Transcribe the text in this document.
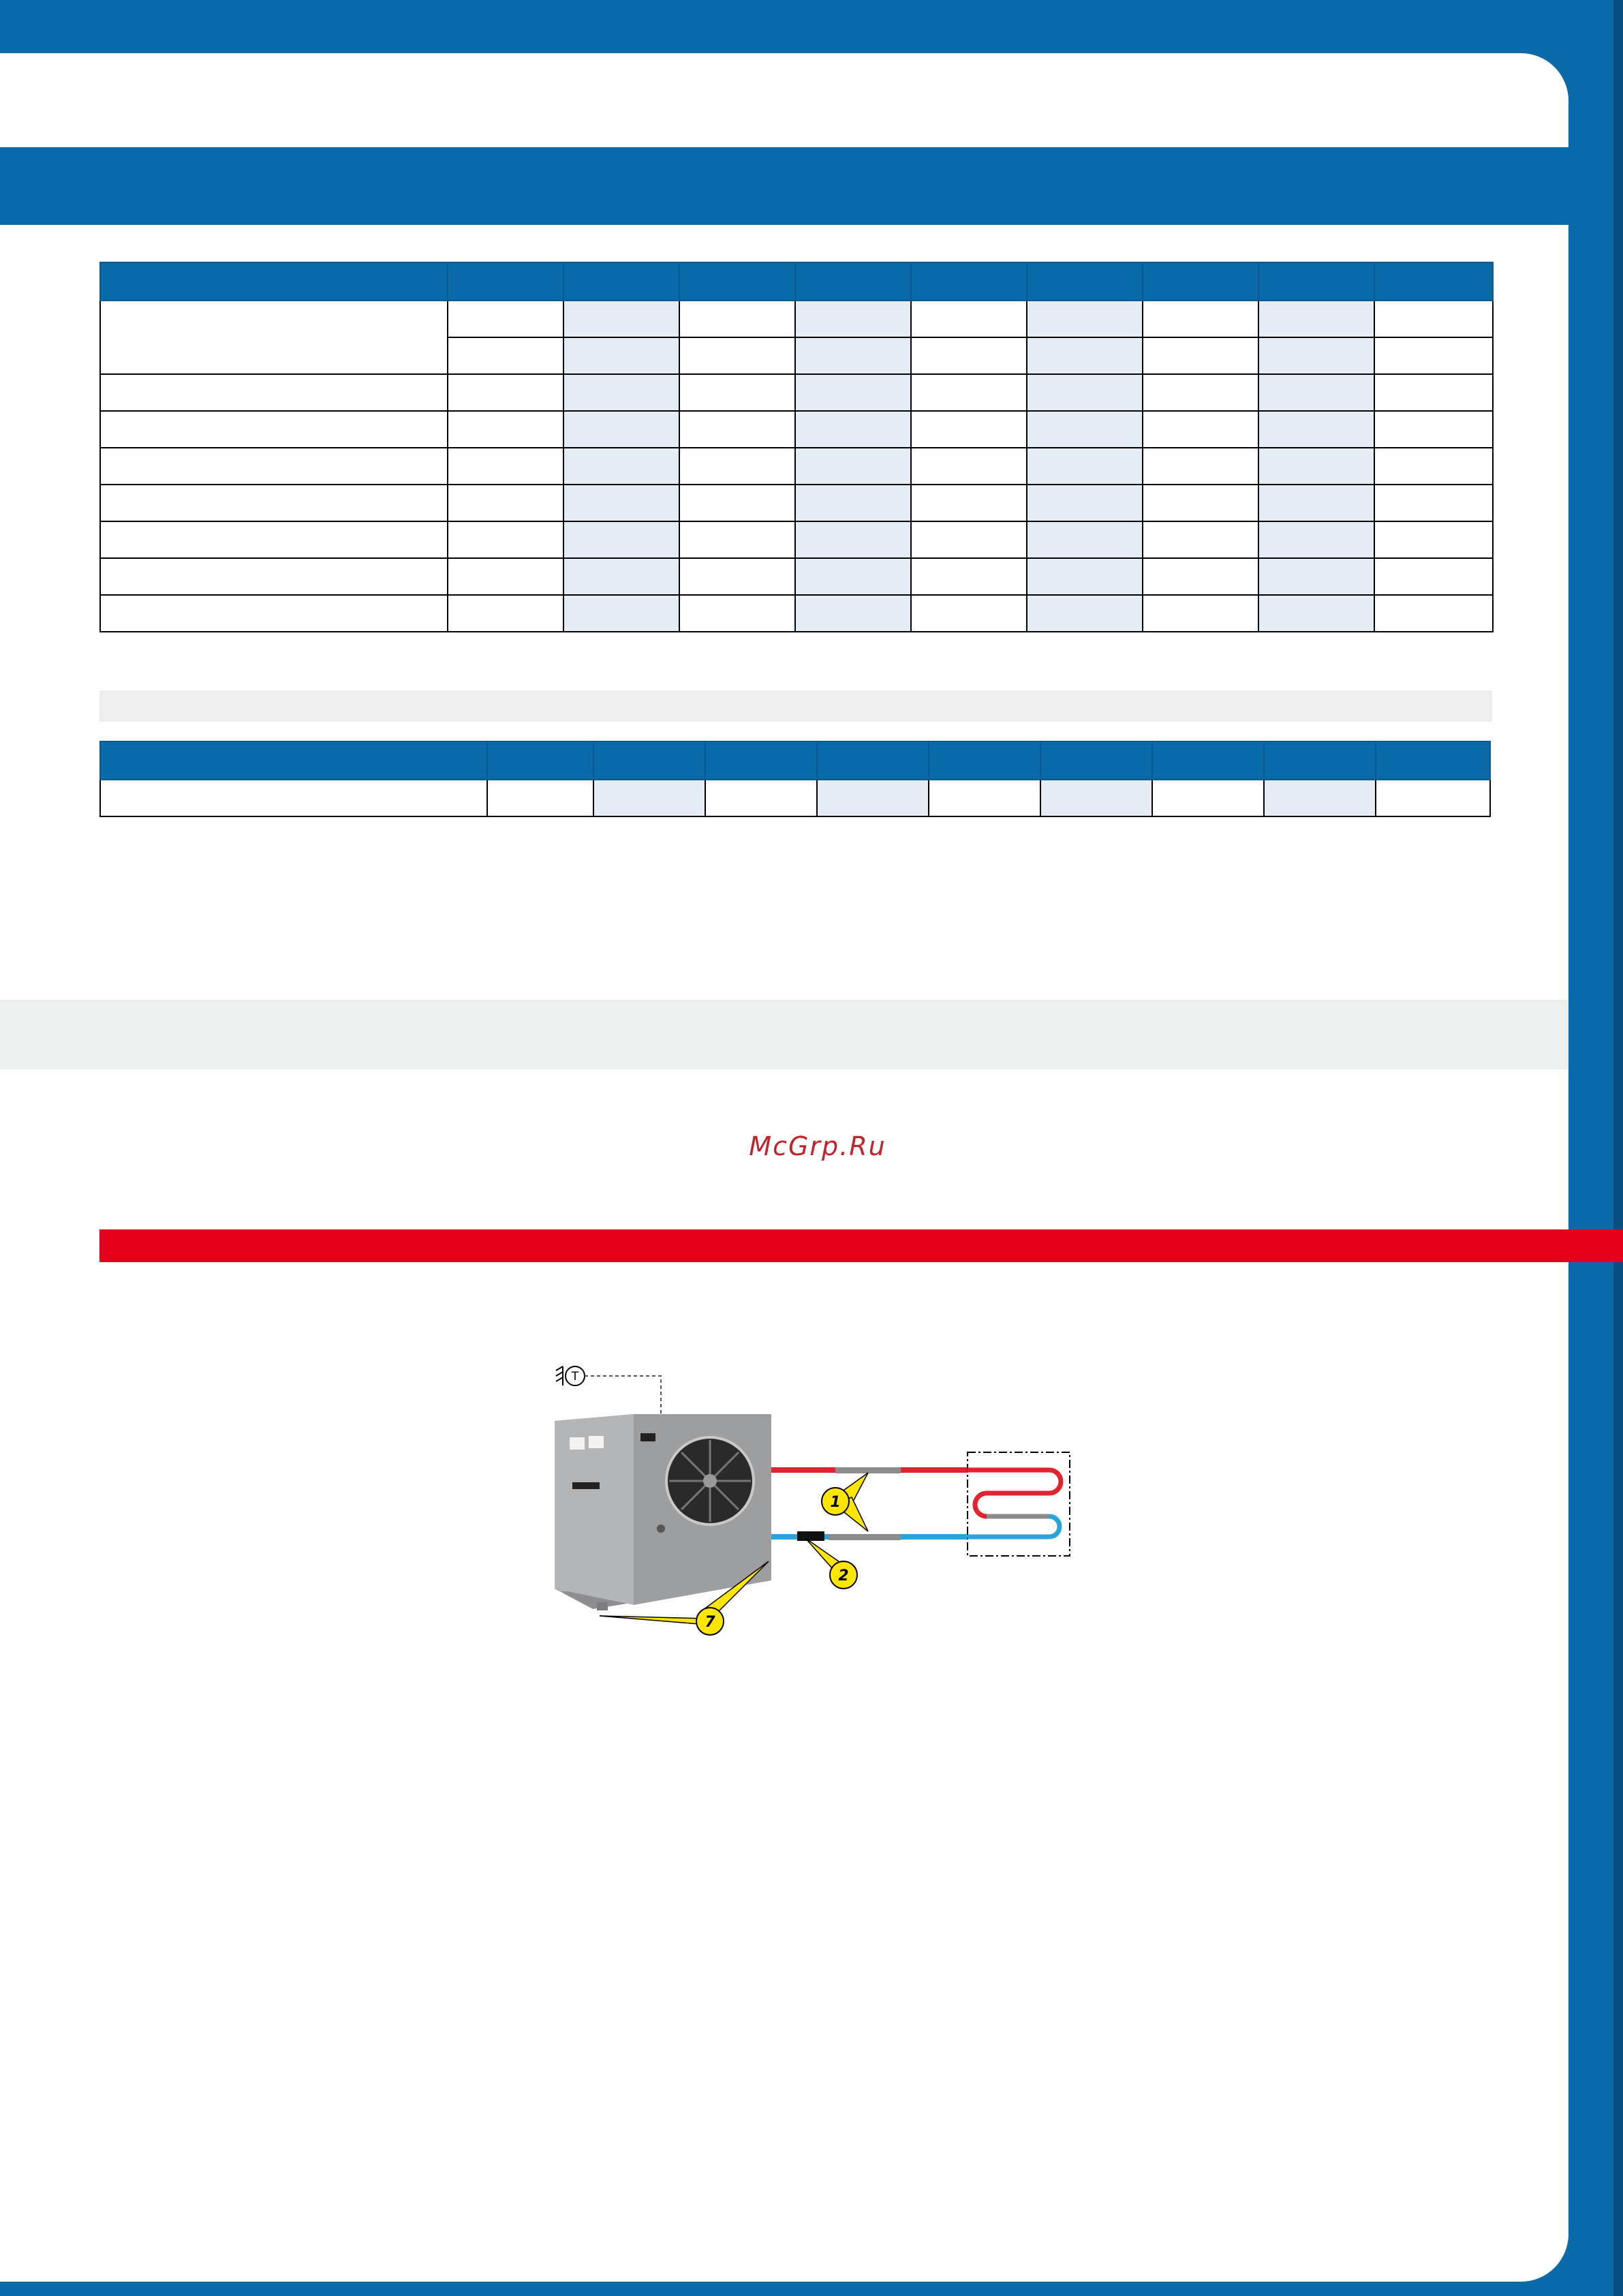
McGrp.Ru
T
1
2
7
